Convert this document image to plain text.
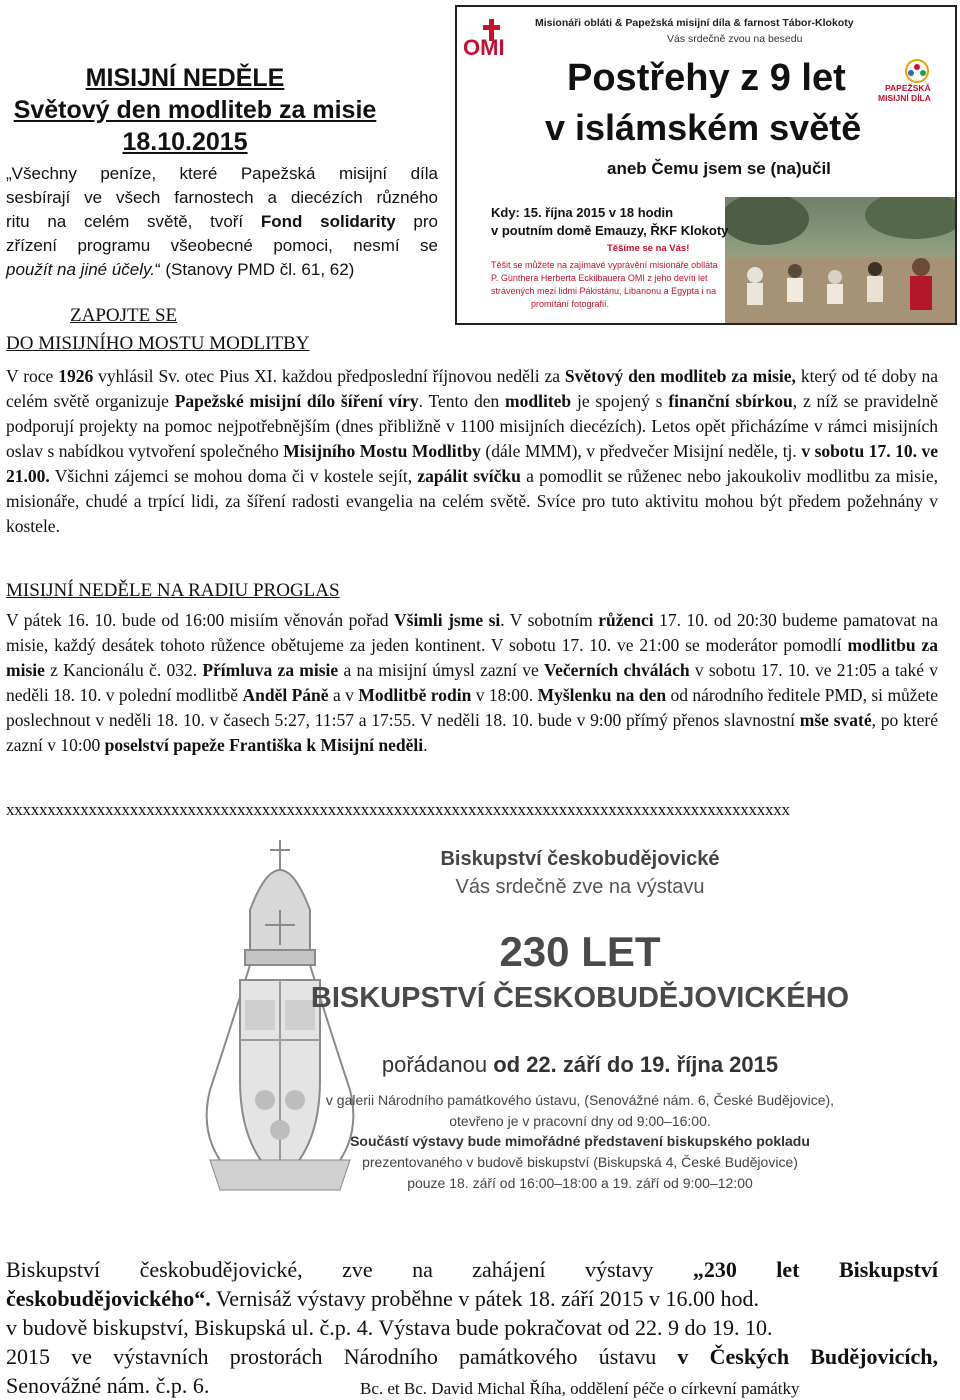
MISIJNÍ NEDĚLE
Světový den modliteb za misie
18.10.2015
„Všechny peníze, které Papežská misijní díla
sesbírají ve všech farnostech a diecézích různého
ritu na celém světě, tvoří Fond solidarity pro
zřízení programu všeobecné pomoci, nesmí se
použít na jiné účely.“ (Stanovy PMD čl. 61, 62)
ZAPOJTE SE
DO MISIJNÍHO MOSTU MODLITBY
OMI
Misionáři obláti & Papežská misijní díla & farnost Tábor-Klokoty
Vás srdečně zvou na besedu
Postřehy z 9 let
v islámském světě
aneb Čemu jsem se (na)učil
PAPEŽSKÁ
MISIJNÍ DÍLA
Kdy: 15. října 2015 v 18 hodin
v poutním domě Emauzy, ŘKF Klokoty
Těšíme se na Vás!
Těšit se můžete na zajímavé vyprávění misionáře oblláta
P. Günthera Herberta Eckilbauera OMI z jeho devíti let
strávených mezi lidmi Pákistánu, Libanonu a Egypta i na
promítání fotografií.
V roce 1926 vyhlásil Sv. otec Pius XI. každou předposlední říjnovou neděli za Světový den modliteb za misie, který od té doby na celém světě organizuje Papežské misijní dílo šíření víry. Tento den modliteb je spojený s finanční sbírkou, z níž se pravidelně podporují projekty na pomoc nejpotřebnějším (dnes přibližně v 1100 misijních diecézích). Letos opět přicházíme v rámci misijních oslav s nabídkou vytvoření společného Misijního Mostu Modlitby (dále MMM), v předvečer Misijní neděle, tj. v sobotu 17. 10. ve 21.00. Všichni zájemci se mohou doma či v kostele sejít, zapálit svíčku a pomodlit se růženec nebo jakoukoliv modlitbu za misie, misionáře, chudé a trpící lidi, za šíření radosti evangelia na celém světě. Svíce pro tuto aktivitu mohou být předem požehnány v kostele.
MISIJNÍ NEDĚLE NA RADIU PROGLAS
V pátek 16. 10. bude od 16:00 misiím věnován pořad Všimli jsme si. V sobotním růženci 17. 10. od 20:30 budeme pamatovat na misie, každý desátek tohoto růžence obětujeme za jeden kontinent. V sobotu 17. 10. ve 21:00 se moderátor pomodlí modlitbu za misie z Kancionálu č. 032. Přímluva za misie a na misijní úmysl zazní ve Večerních chválách v sobotu 17. 10. ve 21:05 a také v neděli 18. 10. v polední modlitbě Anděl Páně a v Modlitbě rodin v 18:00. Myšlenku na den od národního ředitele PMD, si můžete poslechnout v neděli 18. 10. v časech 5:27, 11:57 a 17:55. V neděli 18. 10. bude v 9:00 přímý přenos slavnostní mše svaté, po které zazní v 10:00 poselství papeže Františka k Misijní neděli.
xxxxxxxxxxxxxxxxxxxxxxxxxxxxxxxxxxxxxxxxxxxxxxxxxxxxxxxxxxxxxxxxxxxxxxxxxxxxxxxxxxxxxxxxxxxxxxx
Biskupství českobudějovické
Vás srdečně zve na výstavu
230 LET
BISKUPSTVÍ ČESKOBUDĚJOVICKÉHO
pořádanou od 22. září do 19. října 2015
v galerii Národního památkového ústavu, (Senovážné nám. 6, České Budějovice),
otevřeno je v pracovní dny od 9:00–16:00.
Součástí výstavy bude mimořádné představení biskupského pokladu
prezentovaného v budově biskupství (Biskupská 4, České Budějovice)
pouze 18. září od 16:00–18:00 a 19. září od 9:00–12:00
Biskupství českobudějovické, zve na zahájení výstavy „230 let Biskupství
českobudějovického“. Vernisáž výstavy proběhne v pátek 18. září 2015 v 16.00 hod.
v budově biskupství, Biskupská ul. č.p. 4. Výstava bude pokračovat od 22. 9 do 19. 10.
2015 ve výstavních prostorách Národního památkového ústavu v Českých Budějovicích,
Senovážné nám. č.p. 6.	Bc. et Bc. David Michal Říha, oddělení péče o církevní památky
